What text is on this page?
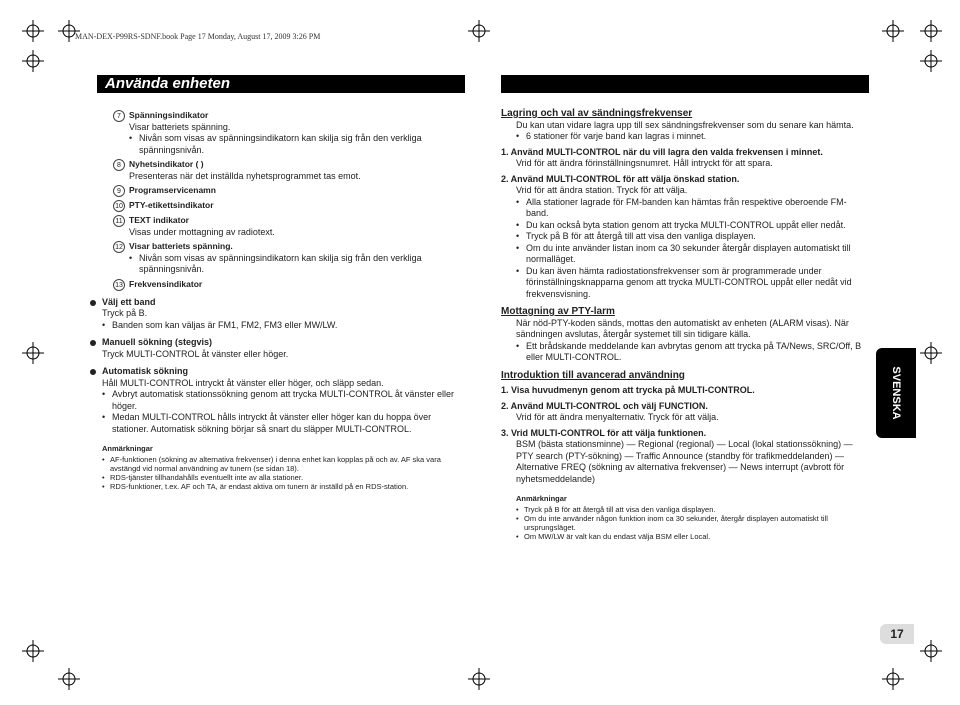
MAN-DEX-P99RS-SDNF.book Page 17 Monday, August 17, 2009 3:26 PM
Använda enheten
7 Spänningsindikator
Visar batteriets spänning.
• Nivån som visas av spänningsindikatorn kan skilja sig från den verkliga spänningsnivån.
8 Nyhetsindikator ( )
Presenteras när det inställda nyhetsprogrammet tas emot.
9 Programservicenamn
10 PTY-etikettsindikator
11 TEXT indikator
Visas under mottagning av radiotext.
12 Visar batteriets spänning.
• Nivån som visas av spänningsindikatorn kan skilja sig från den verkliga spänningsnivån.
13 Frekvensindikator
Välj ett band
Tryck på B.
• Banden som kan väljas är FM1, FM2, FM3 eller MW/LW.
Manuell sökning (stegvis)
Tryck MULTI-CONTROL åt vänster eller höger.
Automatisk sökning
Håll MULTI-CONTROL intryckt åt vänster eller höger, och släpp sedan.
• Avbryt automatisk stationssökning genom att trycka MULTI-CONTROL åt vänster eller höger.
• Medan MULTI-CONTROL hålls intryckt åt vänster eller höger kan du hoppa över stationer. Automatisk sökning börjar så snart du släpper MULTI-CONTROL.
Anmärkningar
• AF-funktionen (sökning av alternativa frekvenser) i denna enhet kan kopplas på och av. AF ska vara avstängd vid normal användning av tunern (se sidan 18).
• RDS-tjänster tillhandahålls eventuellt inte av alla stationer.
• RDS-funktioner, t.ex. AF och TA, är endast aktiva om tunern är inställd på en RDS-station.
Lagring och val av sändningsfrekvenser
Du kan utan vidare lagra upp till sex sändningsfrekvenser som du senare kan hämta.
• 6 stationer för varje band kan lagras i minnet.
1. Använd MULTI-CONTROL när du vill lagra den valda frekvensen i minnet.
Vrid för att ändra förinställningsnumret. Håll intryckt för att spara.
2. Använd MULTI-CONTROL för att välja önskad station.
Vrid för att ändra station. Tryck för att välja.
• Alla stationer lagrade för FM-banden kan hämtas från respektive oberoende FM-band.
• Du kan också byta station genom att trycka MULTI-CONTROL uppåt eller nedåt.
• Tryck på B för att återgå till att visa den vanliga displayen.
• Om du inte använder listan inom ca 30 sekunder återgår displayen automatiskt till normalläget.
• Du kan även hämta radiostationsfrekvenser som är programmerade under förinställningsknapparna genom att trycka MULTI-CONTROL uppåt eller nedåt vid frekvensvisning.
Mottagning av PTY-larm
När nöd-PTY-koden sänds, mottas den automatiskt av enheten (ALARM visas). När sändningen avslutas, återgår systemet till sin tidigare källa.
• Ett brådskande meddelande kan avbrytas genom att trycka på TA/News, SRC/Off, B eller MULTI-CONTROL.
Introduktion till avancerad användning
1. Visa huvudmenyn genom att trycka på MULTI-CONTROL.
2. Använd MULTI-CONTROL och välj FUNCTION.
Vrid för att ändra menyalternativ. Tryck för att välja.
3. Vrid MULTI-CONTROL för att välja funktionen.
BSM (bästa stationsminne) — Regional (regional) — Local (lokal stationssökning) — PTY search (PTY-sökning) — Traffic Announce (standby för trafikmeddelanden) — Alternative FREQ (sökning av alternativa frekvenser) — News interrupt (avbrott för nyhetsmeddelande)
Anmärkningar
• Tryck på B för att återgå till att visa den vanliga displayen.
• Om du inte använder någon funktion inom ca 30 sekunder, återgår displayen automatiskt till ursprungsläget.
• Om MW/LW är valt kan du endast välja BSM eller Local.
SVENSKA
17
